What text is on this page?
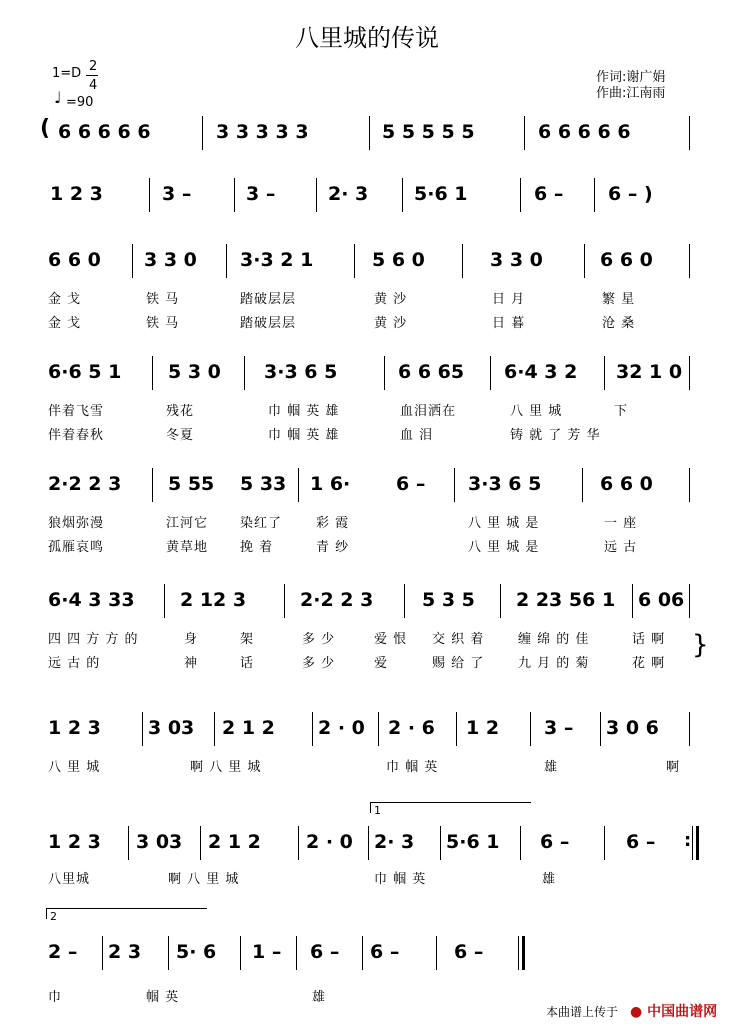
八里城的传说
1=D 2
4
♩ =90
作词:谢广娟
作曲:江南雨
( 6 6 6 6 6	3 3 3 3 3	5 5 5 5 5	6 6 6 6 6
1 2 3	3 –	3 –	2· 3 5·6 1	6 – 6 – )
6 6 0 3 3 0 3·3 2 1	5 6 0	3 3 0	6 6 0
金 戈	铁 马	踏破层层	黄 沙	日 月	繁 星
金 戈	铁 马	踏破层层	黄 沙	日 暮	沧 桑
6·6 5 1 5 3 0 3·3 6 5	6 6 65 6·4 3 2 32 1 0
伴着飞雪	残花	巾 帼 英 雄	血泪洒在	八 里 城	下
伴着春秋	冬夏	巾 帼 英 雄	血 泪	铸 就 了 芳 华
2·2 2 3 5 55 5 33 1 6· 6 – 3·3 6 5	6 6 0
狼烟弥漫	江河它 染红了	彩 霞	八 里 城 是	一 座
孤雁哀鸣	黄草地 挽 着	青 纱	八 里 城 是	远 古
6·4 3 33 2 12 3	2·2 2 3	5 3 5 2 23 56 1 6 06
四 四 方 方 的	身	架	多 少	爱 恨 交 织 着	缠 绵 的 佳	话 啊
远 古 的	神	话	多 少	爱	赐 给 了	九 月 的 菊	花 啊
}
1 2 3 3 03 2 1 2 2 · 0 2 · 6 1 2 3 – 3 0 6
八 里 城	啊 八 里 城	巾 帼 英	雄	啊
1
1 2 3 3 03 2 1 2 2 · 0 2· 3 5·6 1 6 –	6 – :
八里城	啊 八 里 城	巾 帼 英	雄
2
2 – 2 3 5· 6 1 – 6 – 6 –	6 –
巾	帼 英	雄
本曲谱上传于 ● 中国曲谱网
